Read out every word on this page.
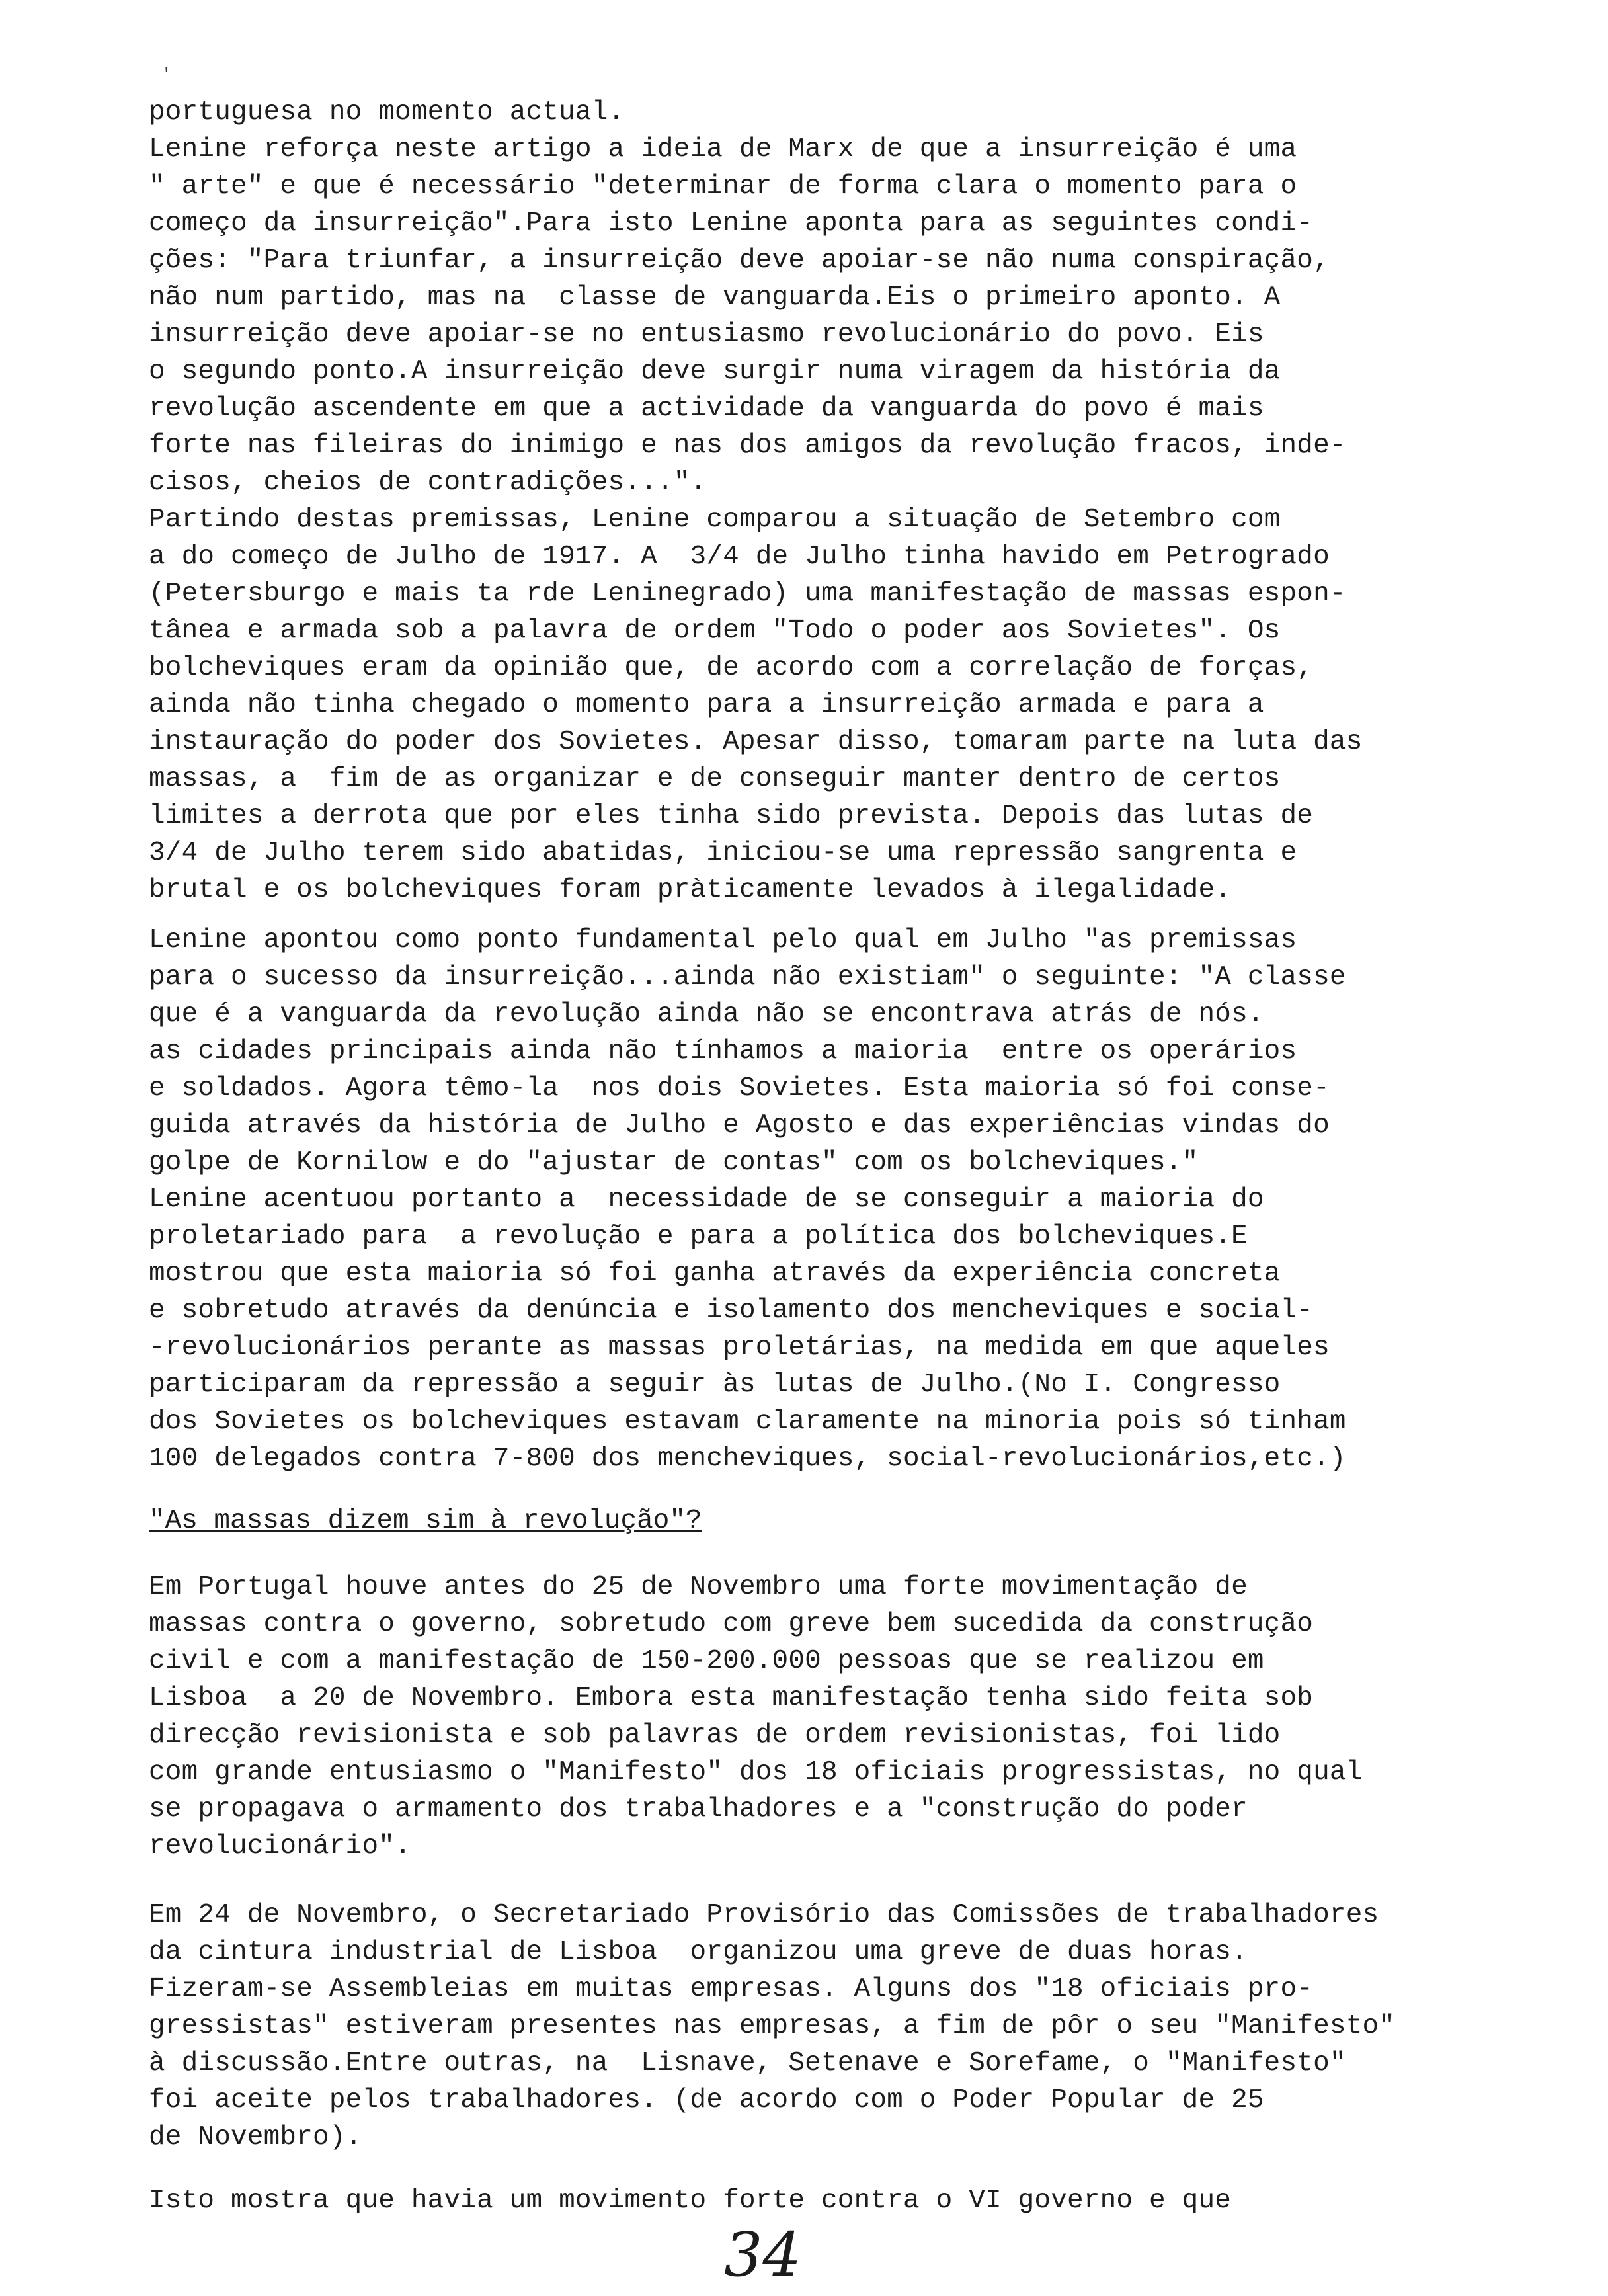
'

portuguesa no momento actual.

Lenine reforça neste artigo a ideia de Marx de que a insurreição é uma

" arte" e que é necessário "determinar de forma clara o momento para o

começo da insurreição".Para isto Lenine aponta para as seguintes condi-

ções: "Para triunfar, a insurreição deve apoiar-se não numa conspiração,

não num partido, mas na  classe de vanguarda.Eis o primeiro aponto. A

insurreição deve apoiar-se no entusiasmo revolucionário do povo. Eis

o segundo ponto.A insurreição deve surgir numa viragem da história da

revolução ascendente em que a actividade da vanguarda do povo é mais

forte nas fileiras do inimigo e nas dos amigos da revolução fracos, inde-

cisos, cheios de contradições...".

Partindo destas premissas, Lenine comparou a situação de Setembro com

a do começo de Julho de 1917. A  3/4 de Julho tinha havido em Petrogrado

(Petersburgo e mais ta rde Leninegrado) uma manifestação de massas espon-

tânea e armada sob a palavra de ordem "Todo o poder aos Sovietes". Os

bolcheviques eram da opinião que, de acordo com a correlação de forças,

ainda não tinha chegado o momento para a insurreição armada e para a

instauração do poder dos Sovietes. Apesar disso, tomaram parte na luta das

massas, a  fim de as organizar e de conseguir manter dentro de certos

limites a derrota que por eles tinha sido prevista. Depois das lutas de

3/4 de Julho terem sido abatidas, iniciou-se uma repressão sangrenta e

brutal e os bolcheviques foram pràticamente levados à ilegalidade.

Lenine apontou como ponto fundamental pelo qual em Julho "as premissas

para o sucesso da insurreição...ainda não existiam" o seguinte: "A classe

que é a vanguarda da revolução ainda não se encontrava atrás de nós.

as cidades principais ainda não tínhamos a maioria  entre os operários

e soldados. Agora têmo-la  nos dois Sovietes. Esta maioria só foi conse-

guida através da história de Julho e Agosto e das experiências vindas do

golpe de Kornilow e do "ajustar de contas" com os bolcheviques."

Lenine acentuou portanto a  necessidade de se conseguir a maioria do

proletariado para  a revolução e para a política dos bolcheviques.E

mostrou que esta maioria só foi ganha através da experiência concreta

e sobretudo através da denúncia e isolamento dos mencheviques e social-

-revolucionários perante as massas proletárias, na medida em que aqueles

participaram da repressão a seguir às lutas de Julho.(No I. Congresso

dos Sovietes os bolcheviques estavam claramente na minoria pois só tinham

100 delegados contra 7-800 dos mencheviques, social-revolucionários,etc.)

"As massas dizem sim à revolução"?

Em Portugal houve antes do 25 de Novembro uma forte movimentação de

massas contra o governo, sobretudo com greve bem sucedida da construção

civil e com a manifestação de 150-200.000 pessoas que se realizou em

Lisboa  a 20 de Novembro. Embora esta manifestação tenha sido feita sob

direcção revisionista e sob palavras de ordem revisionistas, foi lido

com grande entusiasmo o "Manifesto" dos 18 oficiais progressistas, no qual

se propagava o armamento dos trabalhadores e a "construção do poder

revolucionário".

Em 24 de Novembro, o Secretariado Provisório das Comissões de trabalhadores

da cintura industrial de Lisboa  organizou uma greve de duas horas.

Fizeram-se Assembleias em muitas empresas. Alguns dos "18 oficiais pro-

gressistas" estiveram presentes nas empresas, a fim de pôr o seu "Manifesto"

à discussão.Entre outras, na  Lisnave, Setenave e Sorefame, o "Manifesto"

foi aceite pelos trabalhadores. (de acordo com o Poder Popular de 25

de Novembro).

Isto mostra que havia um movimento forte contra o VI governo e que

34
